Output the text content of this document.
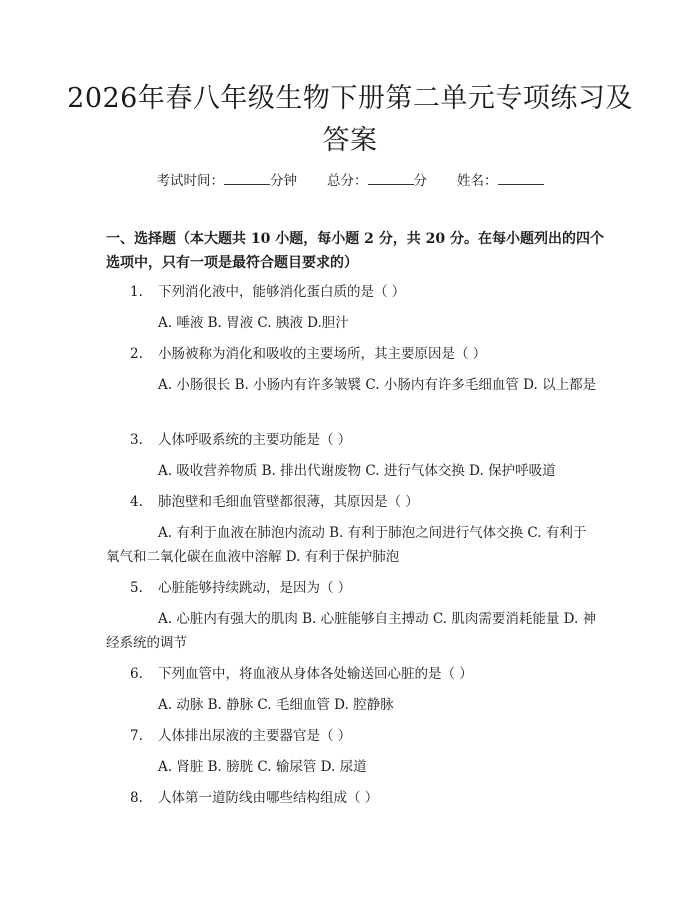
2026年春八年级生物下册第二单元专项练习及答案
考试时间：	分钟 总分：	分 姓名：
一、选择题（本大题共 10 小题，每小题 2 分，共 20 分。在每小题列出的四个选项中，只有一项是最符合题目要求的）
1. 下列消化液中，能够消化蛋白质的是（ ）
A. 唾液 B. 胃液 C. 胰液 D.胆汁
2. 小肠被称为消化和吸收的主要场所，其主要原因是（ ）
A. 小肠很长 B. 小肠内有许多皱襞 C. 小肠内有许多毛细血管 D. 以上都是
3. 人体呼吸系统的主要功能是（ ）
A. 吸收营养物质 B. 排出代谢废物 C. 进行气体交换 D. 保护呼吸道
4. 肺泡壁和毛细血管壁都很薄，其原因是（ ）
A. 有利于血液在肺泡内流动 B. 有利于肺泡之间进行气体交换 C. 有利于氧气和二氧化碳在血液中溶解 D. 有利于保护肺泡
5. 心脏能够持续跳动，是因为（ ）
A. 心脏内有强大的肌肉 B. 心脏能够自主搏动 C. 肌肉需要消耗能量 D. 神经系统的调节
6. 下列血管中，将血液从身体各处输送回心脏的是（ ）
A. 动脉 B. 静脉 C. 毛细血管 D. 腔静脉
7. 人体排出尿液的主要器官是（ ）
A. 肾脏 B. 膀胱 C. 输尿管 D. 尿道
8. 人体第一道防线由哪些结构组成（ ）
